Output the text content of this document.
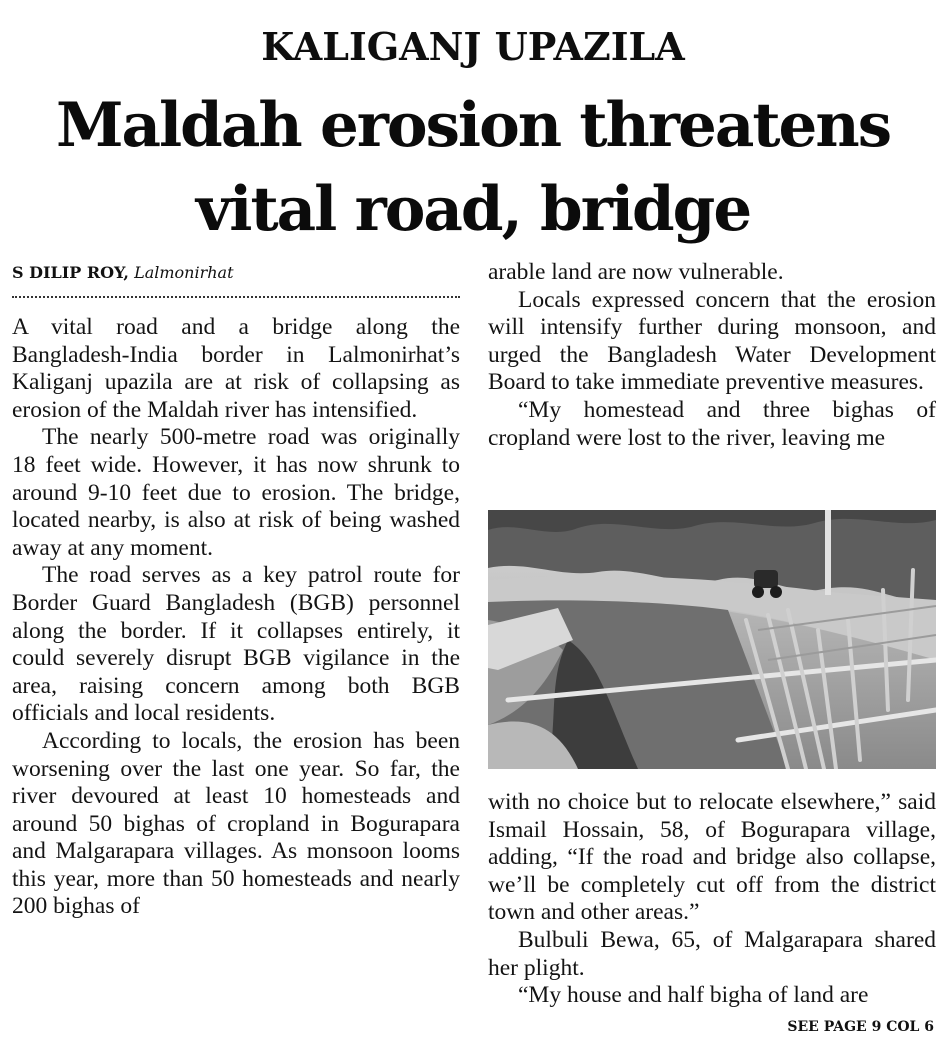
KALIGANJ UPAZILA
Maldah erosion threatens
vital road, bridge
S DILIP ROY, Lalmonirhat

A vital road and a bridge along the Bangladesh-India border in Lalmonirhat’s Kaliganj upazila are at risk of collapsing as erosion of the Maldah river has intensified.

The nearly 500-metre road was originally 18 feet wide. However, it has now shrunk to around 9-10 feet due to erosion. The bridge, located nearby, is also at risk of being washed away at any moment.

The road serves as a key patrol route for Border Guard Bangladesh (BGB) personnel along the border. If it collapses entirely, it could severely disrupt BGB vigilance in the area, raising concern among both BGB officials and local residents.

According to locals, the erosion has been worsening over the last one year. So far, the river devoured at least 10 homesteads and around 50 bighas of cropland in Bogurapara and Malgarapara villages. As monsoon looms this year, more than 50 homesteads and nearly 200 bighas of

arable land are now vulnerable.

Locals expressed concern that the erosion will intensify further during monsoon, and urged the Bangladesh Water Development Board to take immediate preventive measures.

“My homestead and three bighas of cropland were lost to the river, leaving me

with no choice but to relocate elsewhere,” said Ismail Hossain, 58, of Bogurapara village, adding, “If the road and bridge also collapse, we’ll be completely cut off from the district town and other areas.”

Bulbuli Bewa, 65, of Malgarapara shared her plight.

“My house and half bigha of land are

SEE PAGE 9 COL 6
